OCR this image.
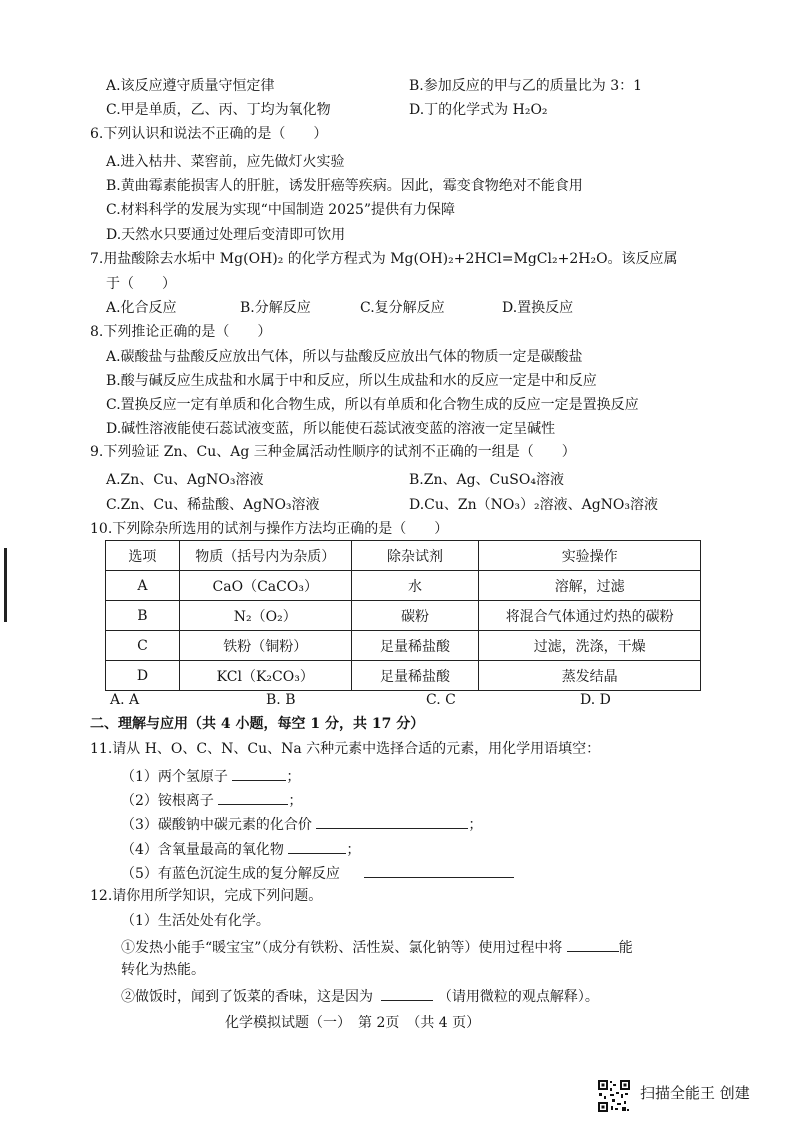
A.该反应遵守质量守恒定律	B.参加反应的甲与乙的质量比为 3：1
C.甲是单质，乙、丙、丁均为氧化物	D.丁的化学式为 H₂O₂
6.下列认识和说法不正确的是（　　）
A.进入枯井、菜窖前，应先做灯火实验
B.黄曲霉素能损害人的肝脏，诱发肝癌等疾病。因此，霉变食物绝对不能食用
C.材料科学的发展为实现“中国制造 2025”提供有力保障
D.天然水只要通过处理后变清即可饮用
7.用盐酸除去水垢中 Mg(OH)₂ 的化学方程式为 Mg(OH)₂+2HCl=MgCl₂+2H₂O。该反应属
于（　　）
A.化合反应	B.分解反应	C.复分解反应	D.置换反应
8.下列推论正确的是（　　）
A.碳酸盐与盐酸反应放出气体，所以与盐酸反应放出气体的物质一定是碳酸盐
B.酸与碱反应生成盐和水属于中和反应，所以生成盐和水的反应一定是中和反应
C.置换反应一定有单质和化合物生成，所以有单质和化合物生成的反应一定是置换反应
D.碱性溶液能使石蕊试液变蓝，所以能使石蕊试液变蓝的溶液一定呈碱性
9.下列验证 Zn、Cu、Ag 三种金属活动性顺序的试剂不正确的一组是（　　）
A.Zn、Cu、AgNO₃溶液	B.Zn、Ag、CuSO₄溶液
C.Zn、Cu、稀盐酸、AgNO₃溶液	D.Cu、Zn（NO₃）₂溶液、AgNO₃溶液
10.下列除杂所选用的试剂与操作方法均正确的是（　　）
选项	物质（括号内为杂质）	除杂试剂	实验操作
A	CaO（CaCO₃）	水	溶解，过滤
B	N₂（O₂）	碳粉	将混合气体通过灼热的碳粉
C	铁粉（铜粉）	足量稀盐酸	过滤，洗涤，干燥
D	KCl（K₂CO₃）	足量稀盐酸	蒸发结晶
A. A	B. B	C. C	D. D
二、理解与应用（共 4 小题，每空 1 分，共 17 分）
11.请从 H、O、C、N、Cu、Na 六种元素中选择合适的元素，用化学用语填空：
（1）两个氢原子	；
（2）铵根离子	；
（3）碳酸钠中碳元素的化合价	；
（4）含氧量最高的氧化物	；
（5）有蓝色沉淀生成的复分解反应
12.请你用所学知识，完成下列问题。
（1）生活处处有化学。
①发热小能手“暖宝宝”（成分有铁粉、活性炭、氯化钠等）使用过程中将	能
转化为热能。
②做饭时，闻到了饭菜的香味，这是因为	（请用微粒的观点解释）。
化学模拟试题（一）　第 2页　（共 4 页）
扫描全能王 创建
